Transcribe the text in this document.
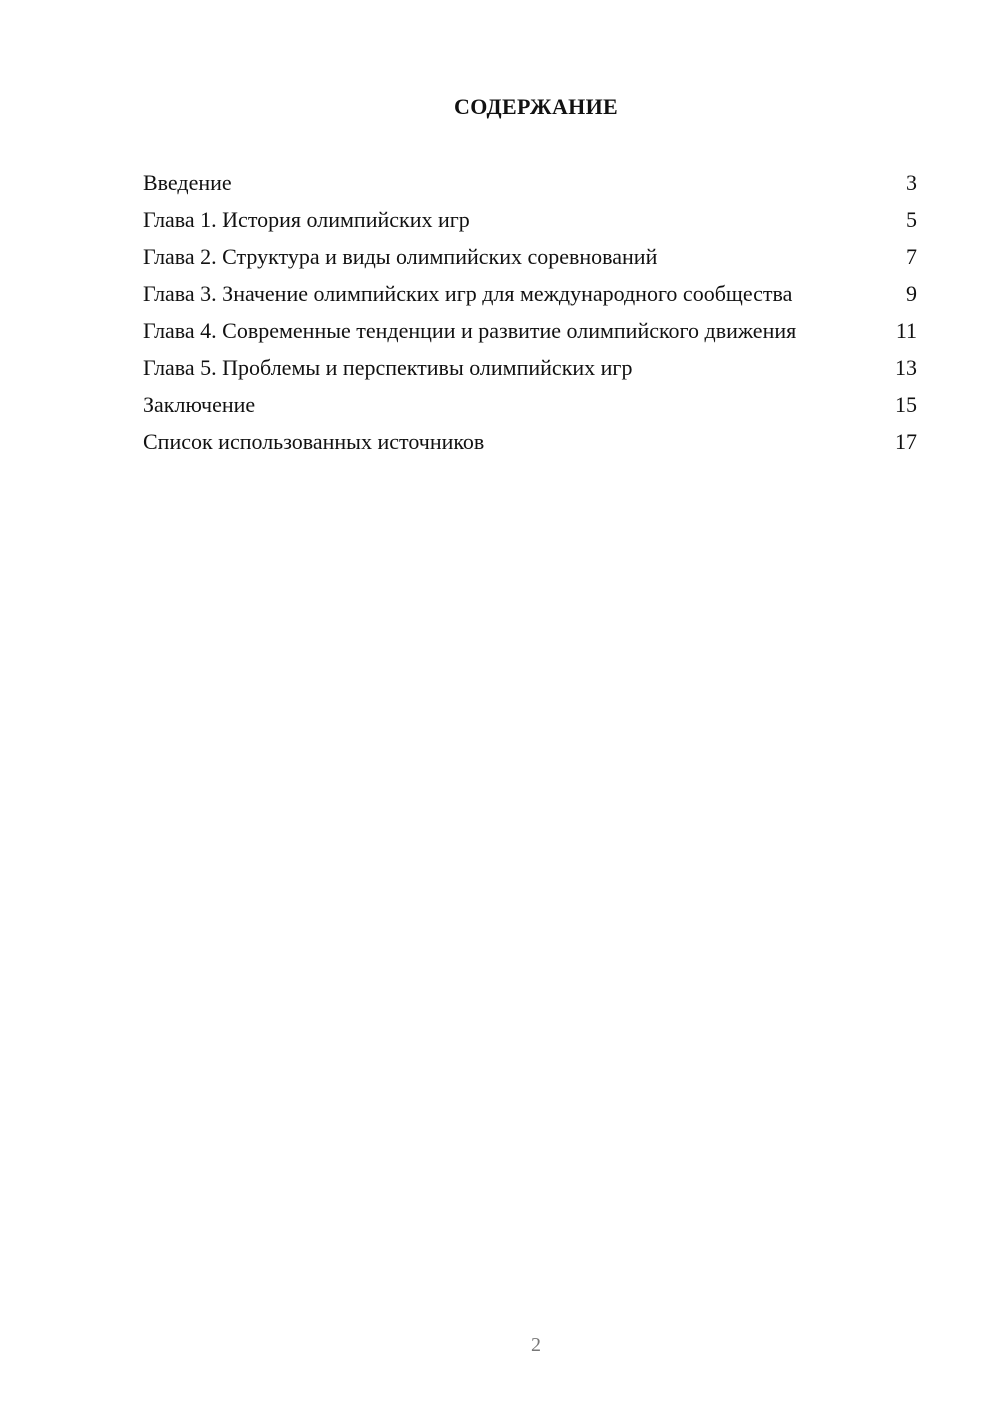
СОДЕРЖАНИЕ
Введение	3
Глава 1. История олимпийских игр	5
Глава 2. Структура и виды олимпийских соревнований	7
Глава 3. Значение олимпийских игр для международного сообщества	9
Глава 4. Современные тенденции и развитие олимпийского движения	11
Глава 5. Проблемы и перспективы олимпийских игр	13
Заключение	15
Список использованных источников	17
2
